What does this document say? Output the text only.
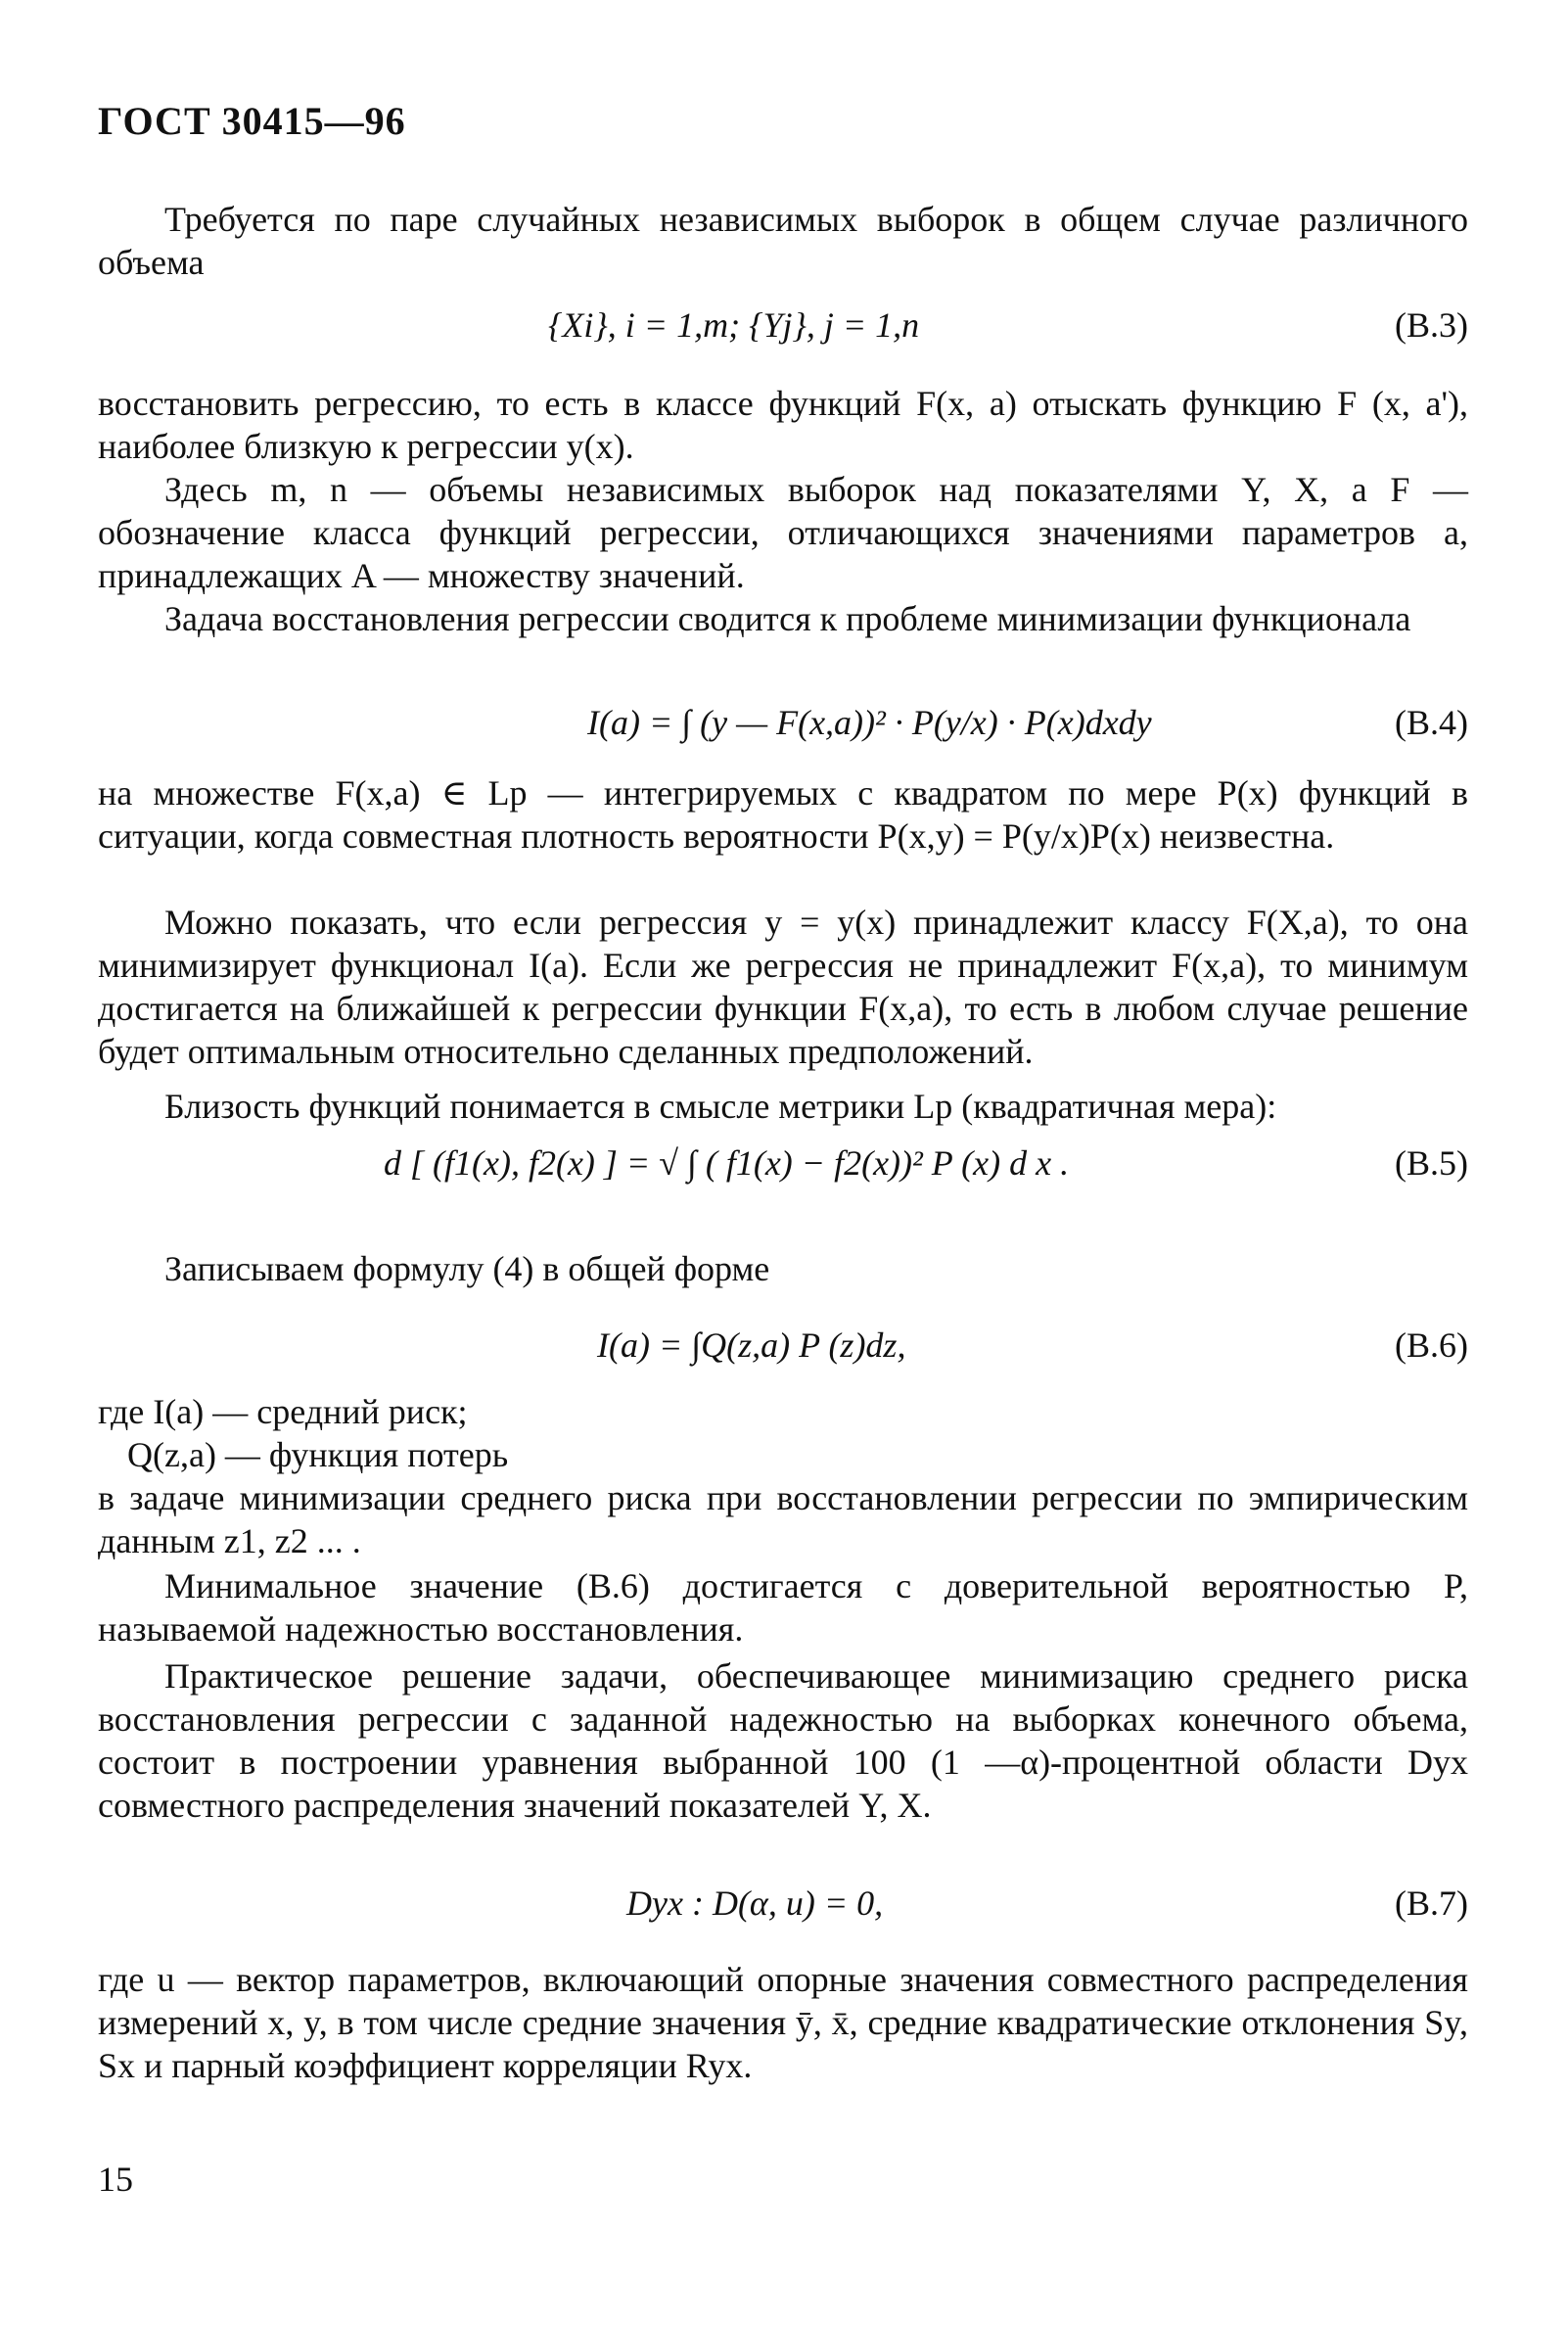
ГОСТ 30415—96
Требуется по паре случайных независимых выборок в общем случае различного объема
{Xi}, i = 1,m; {Yj}, j = 1,n	(В.3)
восстановить регрессию, то есть в классе функций F(x, a) отыскать функцию F (x, a'), наиболее близкую к регрессии y(x).
Здесь m, n — объемы независимых выборок над показателями Y, X, а F — обозначение класса функций регрессии, отличающихся значениями параметров a, принадлежащих A — множеству значений.
Задача восстановления регрессии сводится к проблеме минимизации функционала
I(a) = ∫ (y — F(x,a))² · P(y/x) · P(x)dxdy	(В.4)
на множестве F(x,a) ∈ Lp — интегрируемых с квадратом по мере P(x) функций в ситуации, когда совместная плотность вероятности P(x,y) = P(y/x)P(x) неизвестна.
Можно показать, что если регрессия y = y(x) принадлежит классу F(X,a), то она минимизирует функционал I(a). Если же регрессия не принадлежит F(x,a), то минимум достигается на ближайшей к регрессии функции F(x,a), то есть в любом случае решение будет оптимальным относительно сделанных предположений.
Близость функций понимается в смысле метрики Lp (квадратичная мера):
d [ (f1(x), f2(x) ] = √ ∫ ( f1(x) − f2(x))² P (x) d x .	(В.5)
Записываем формулу (4) в общей форме
I(a) = ∫Q(z,a) P (z)dz,	(В.6)
где I(a) — средний риск;
Q(z,a) — функция потерь
в задаче минимизации среднего риска при восстановлении регрессии по эмпирическим данным z1, z2 ... .
Минимальное значение (В.6) достигается с доверительной вероятностью P, называемой надежностью восстановления.
Практическое решение задачи, обеспечивающее минимизацию среднего риска восстановления регрессии с заданной надежностью на выборках конечного объема, состоит в построении уравнения выбранной 100 (1 —α)-процентной области Dyx совместного распределения значений показателей Y, X.
Dyx : D(α, u) = 0,	(В.7)
где u — вектор параметров, включающий опорные значения совместного распределения измерений x, y, в том числе средние значения ȳ, x̄, средние квадратические отклонения Sy, Sx и парный коэффициент корреляции Ryx.
15
